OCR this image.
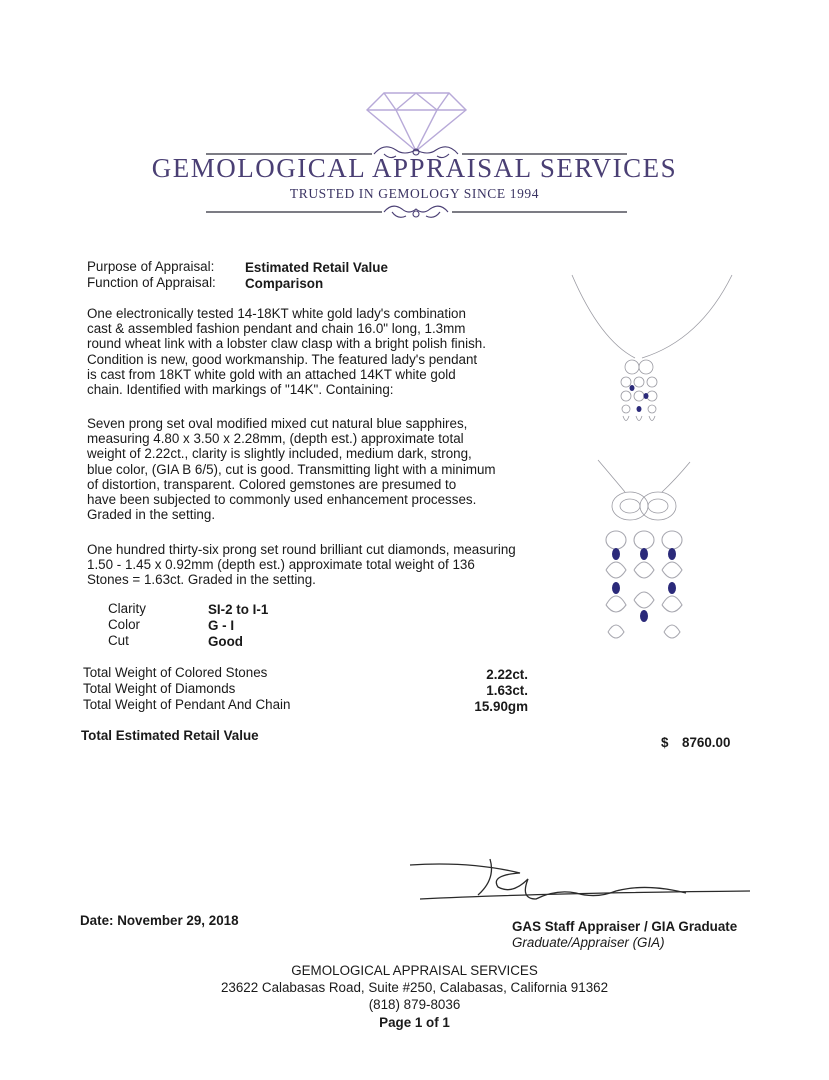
GEMOLOGICAL APPRAISAL SERVICES
TRUSTED IN GEMOLOGY SINCE 1994
Purpose of Appraisal: Estimated Retail Value
Function of Appraisal: Comparison
One electronically tested 14-18KT white gold lady's combination
cast & assembled fashion pendant and chain 16.0" long, 1.3mm
round wheat link with a lobster claw clasp with a bright polish finish.
Condition is new, good workmanship. The featured lady's pendant
is cast from 18KT white gold with an attached 14KT white gold
chain. Identified with markings of "14K". Containing:
Seven prong set oval modified mixed cut natural blue sapphires,
measuring 4.80 x 3.50 x 2.28mm, (depth est.) approximate total
weight of 2.22ct., clarity is slightly included, medium dark, strong,
blue color, (GIA B 6/5), cut is good. Transmitting light with a minimum
of distortion, transparent. Colored gemstones are presumed to
have been subjected to commonly used enhancement processes.
Graded in the setting.
One hundred thirty-six prong set round brilliant cut diamonds, measuring
1.50 - 1.45 x 0.92mm (depth est.) approximate total weight of 136
Stones = 1.63ct. Graded in the setting.
Clarity	SI-2 to I-1
Color	G - I
Cut	Good
Total Weight of Colored Stones	2.22ct.
Total Weight of Diamonds	1.63ct.
Total Weight of Pendant And Chain	15.90gm
Total Estimated Retail Value	$ 8760.00
Date: November 29, 2018	GAS Staff Appraiser / GIA Graduate
Graduate/Appraiser (GIA)
GEMOLOGICAL APPRAISAL SERVICES
23622 Calabasas Road, Suite #250, Calabasas, California 91362
(818) 879-8036
Page 1 of 1
